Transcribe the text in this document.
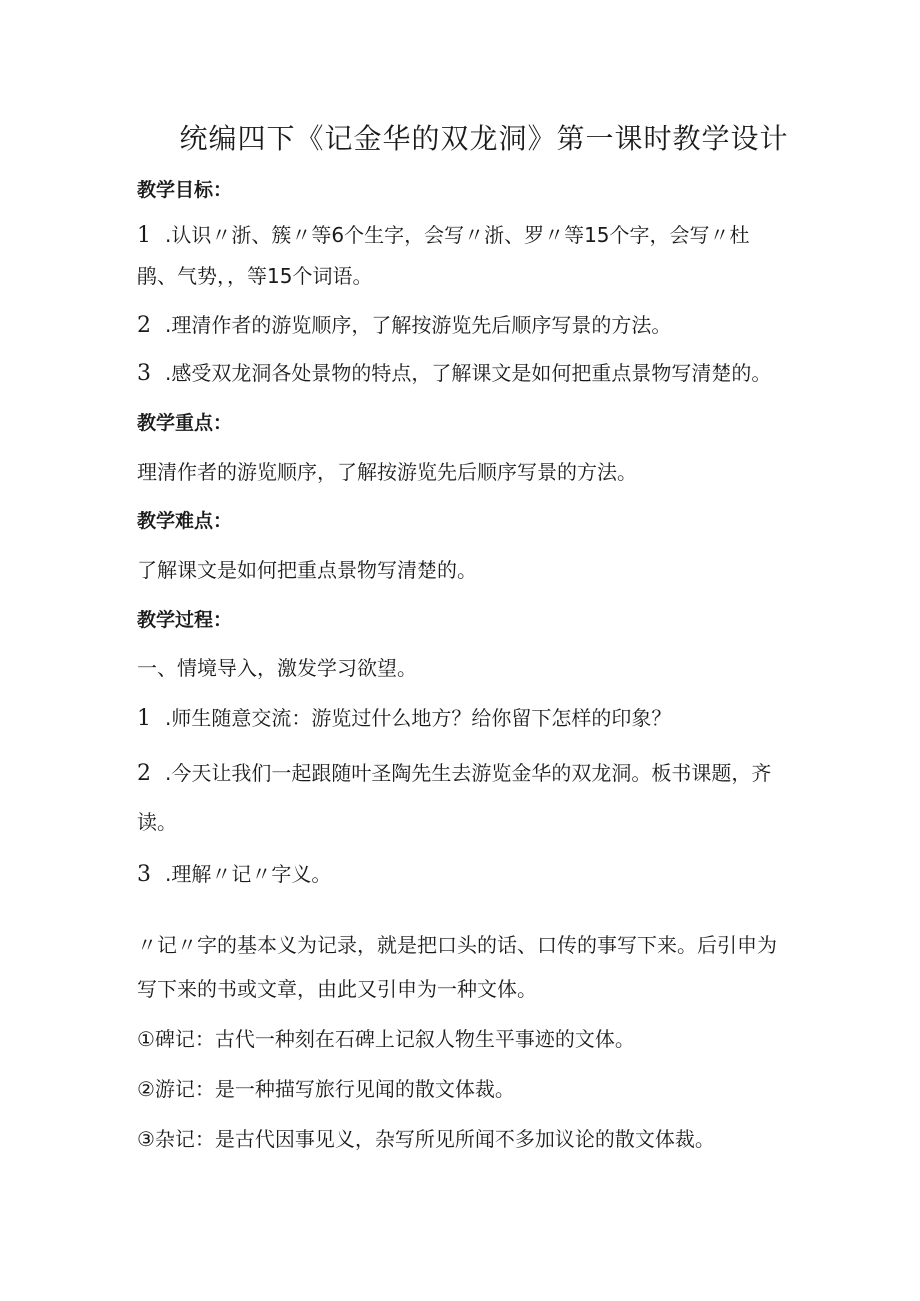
统编四下《记金华的双龙洞》第一课时教学设计
教学目标：
1 .认识〃浙、簇〃等6个生字，会写〃浙、罗〃等15个字，会写〃杜
鹃、气势，，等15个词语。
2 .理清作者的游览顺序，了解按游览先后顺序写景的方法。
3 .感受双龙洞各处景物的特点，了解课文是如何把重点景物写清楚的。
教学重点：
理清作者的游览顺序，了解按游览先后顺序写景的方法。
教学难点：
了解课文是如何把重点景物写清楚的。
教学过程：
一、情境导入，激发学习欲望。
1 .师生随意交流：游览过什么地方？给你留下怎样的印象？
2 .今天让我们一起跟随叶圣陶先生去游览金华的双龙洞。板书课题，齐
读。
3 .理解〃记〃字义。
〃记〃字的基本义为记录，就是把口头的话、口传的事写下来。后引申为
写下来的书或文章，由此又引申为一种文体。
①碑记：古代一种刻在石碑上记叙人物生平事迹的文体。
②游记：是一种描写旅行见闻的散文体裁。
③杂记：是古代因事见义，杂写所见所闻不多加议论的散文体裁。
